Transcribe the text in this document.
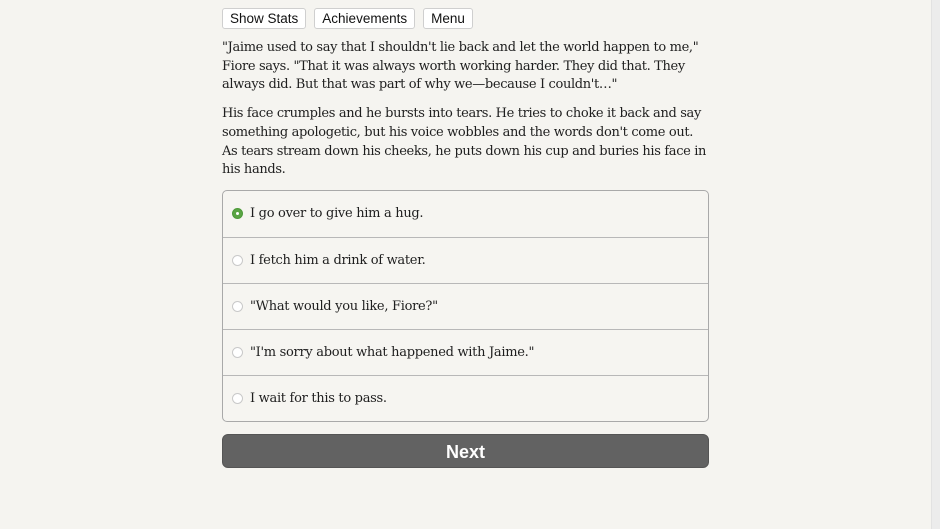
Show Stats	Achievements	Menu

"Jaime used to say that I shouldn't lie back and let the world happen to me," Fiore says. "That it was always worth working harder. They did that. They always did. But that was part of why we—because I couldn't…"

His face crumples and he bursts into tears. He tries to choke it back and say something apologetic, but his voice wobbles and the words don't come out. As tears stream down his cheeks, he puts down his cup and buries his face in his hands.

I go over to give him a hug.
I fetch him a drink of water.
"What would you like, Fiore?"
"I'm sorry about what happened with Jaime."
I wait for this to pass.
Next
